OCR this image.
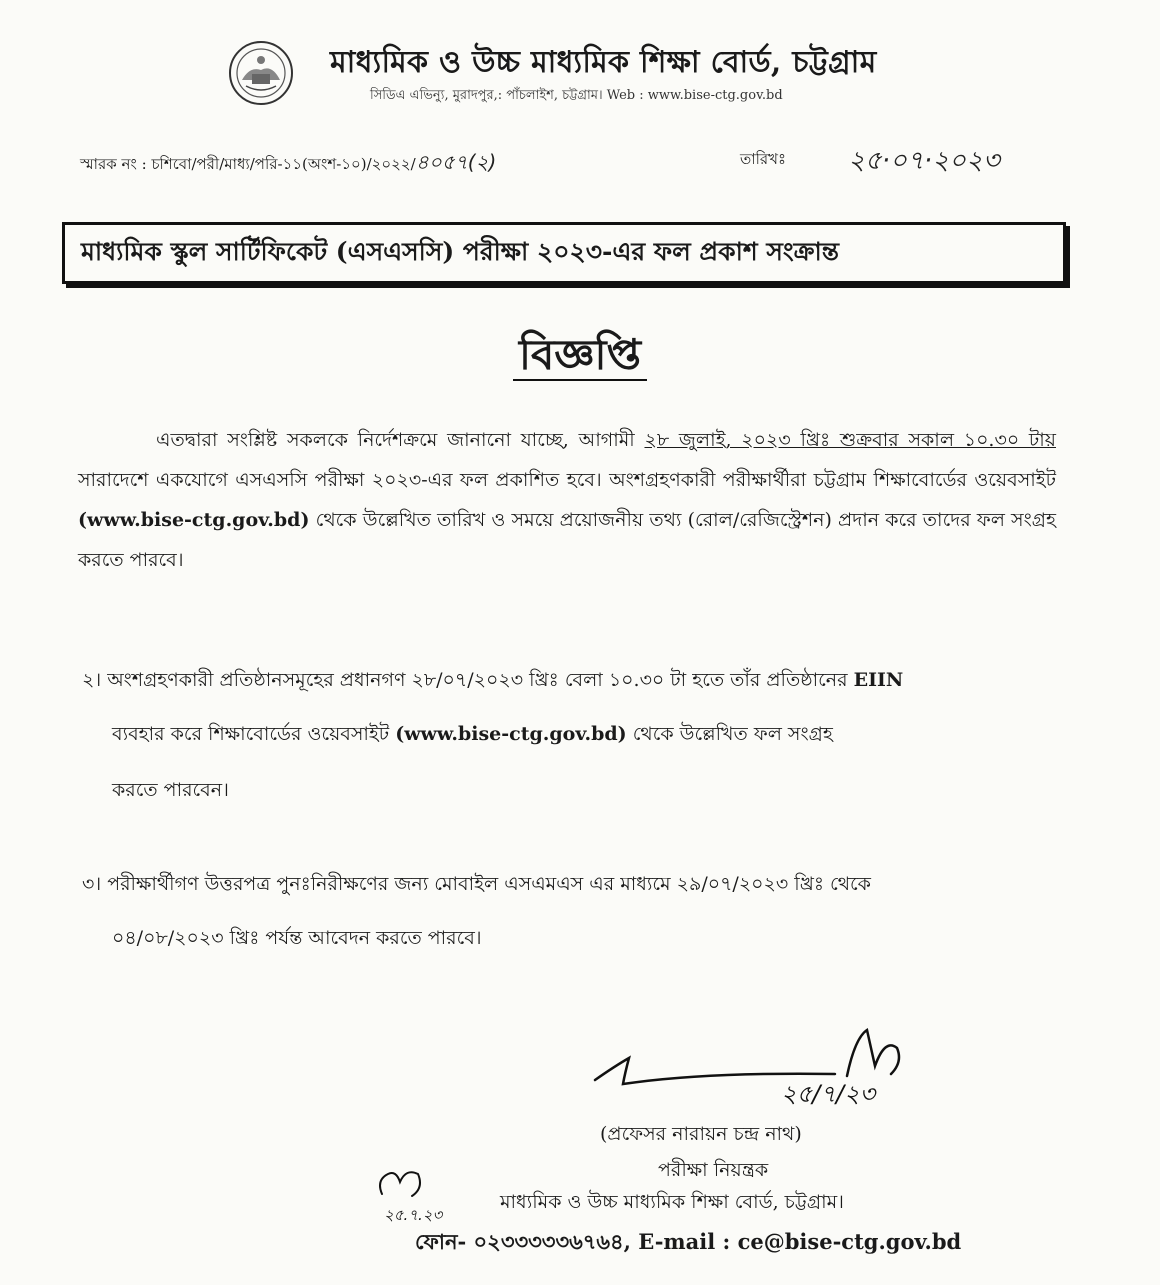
মাধ্যমিক ও উচ্চ মাধ্যমিক শিক্ষা বোর্ড, চট্টগ্রাম
সিডিএ এভিন্যু, মুরাদপুর,: পাঁচলাইশ, চট্টগ্রাম। Web : www.bise-ctg.gov.bd
স্মারক নং : চশিবো/পরী/মাধ্য/পরি-১১(অংশ-১০)/২০২২/৪০৫৭(২)	তারিখঃ ২৫·০৭·২০২৩
মাধ্যমিক স্কুল সার্টিফিকেট (এসএসসি) পরীক্ষা ২০২৩-এর ফল প্রকাশ সংক্রান্ত
বিজ্ঞপ্তি
এতদ্বারা সংশ্লিষ্ট সকলকে নির্দেশক্রমে জানানো যাচ্ছে, আগামী ২৮ জুলাই, ২০২৩ খ্রিঃ শুক্রবার সকাল ১০.৩০ টায় সারাদেশে একযোগে এসএসসি পরীক্ষা ২০২৩-এর ফল প্রকাশিত হবে। অংশগ্রহণকারী পরীক্ষার্থীরা চট্টগ্রাম শিক্ষাবোর্ডের ওয়েবসাইট (www.bise-ctg.gov.bd) থেকে উল্লেখিত তারিখ ও সময়ে প্রয়োজনীয় তথ্য (রোল/রেজিস্ট্রেশন) প্রদান করে তাদের ফল সংগ্রহ করতে পারবে।
২। অংশগ্রহণকারী প্রতিষ্ঠানসমূহের প্রধানগণ ২৮/০৭/২০২৩ খ্রিঃ বেলা ১০.৩০ টা হতে তাঁর প্রতিষ্ঠানের EIIN
ব্যবহার করে শিক্ষাবোর্ডের ওয়েবসাইট (www.bise-ctg.gov.bd) থেকে উল্লেখিত ফল সংগ্রহ
করতে পারবেন।
৩। পরীক্ষার্থীগণ উত্তরপত্র পুনঃনিরীক্ষণের জন্য মোবাইল এসএমএস এর মাধ্যমে ২৯/০৭/২০২৩ খ্রিঃ থেকে
০৪/০৮/২০২৩ খ্রিঃ পর্যন্ত আবেদন করতে পারবে।
২৫/৭/২৩
(প্রফেসর নারায়ন চন্দ্র নাথ)
পরীক্ষা নিয়ন্ত্রক
২৫.৭.২৩
মাধ্যমিক ও উচ্চ মাধ্যমিক শিক্ষা বোর্ড, চট্টগ্রাম।
ফোন- ০২৩৩৩৩৩৬৭৬৪, E-mail : ce@bise-ctg.gov.bd
